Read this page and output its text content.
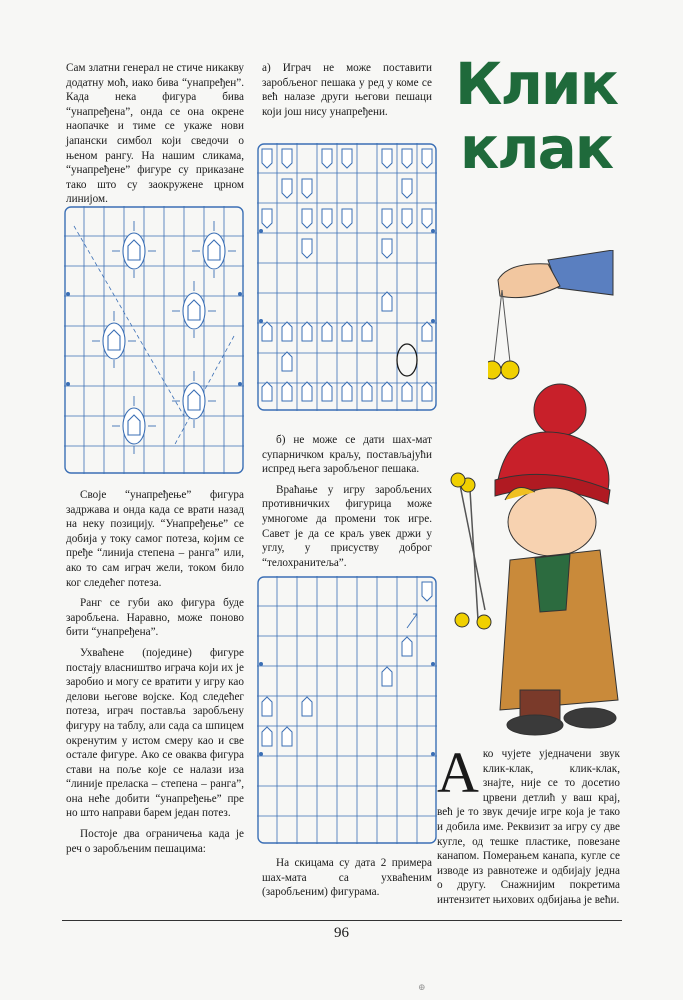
Сам златни генерал не стиче никакву додатну моћ, иако бива “унапређен”. Када нека фигура бива “унапређена”, онда се она окрене наопачке и тиме се укаже нови јапански симбол који сведочи о њеном рангу. На нашим сликама, “унапређене” фигуре су приказане тако што су заокружене црном линијом.

Своје “унапређење” фигура задржава и онда када се врати назад на неку позицију. “Унапређење” се добија у току самог потеза, којим се пређе “линија степена – ранга” или, ако то сам играч жели, током било ког следећег потеза.

Ранг се губи ако фигура буде заробљена. Наравно, може поново бити “унапређена”.

Ухваћене (поједине) фигуре постају власништво играча који их је заробио и могу се вратити у игру као делови његове војске. Код следећег потеза, играч поставља заробљену фигуру на таблу, али сада са шпицем окренутим у истом смеру као и све остале фигуре. Ако се оваква фигура стави на поље које се налази иза “линије преласка – степена – ранга”, она неће добити “унапређење” пре но што направи барем један потез.

Постоје два ограничења када је реч о заробљеним пешацима:

а) Играч не може поставити заробљеног пешака у ред у коме се већ налазе други његови пешаци који још нису унапређени.

б) не може се дати шах-мат супарничком краљу, постављајући испред њега заробљеног пешака.

Враћање у игру заробљених противничких фигурица може умногоме да промени ток игре. Савет је да се краљ увек држи у углу, у присуству доброг “телохранитеља”.

На скицама су дата 2 примера шах-мата са ухваћеним (заробљеним) фигурама.

Клик
клак

Ако чујете уједначени звук клик-клак, клик-клак, знајте, није се то досетио црвени детлић у ваш крај, већ је то звук дечије игре која је тако и добила име. Реквизит за игру су две кугле, од тешке пластике, повезане канапом. Померањем канапа, кугле се изводе из равнотеже и одбијају једна о другу. Снажнијим покретима интензитет њихових одбијања је већи.

96
⊕
